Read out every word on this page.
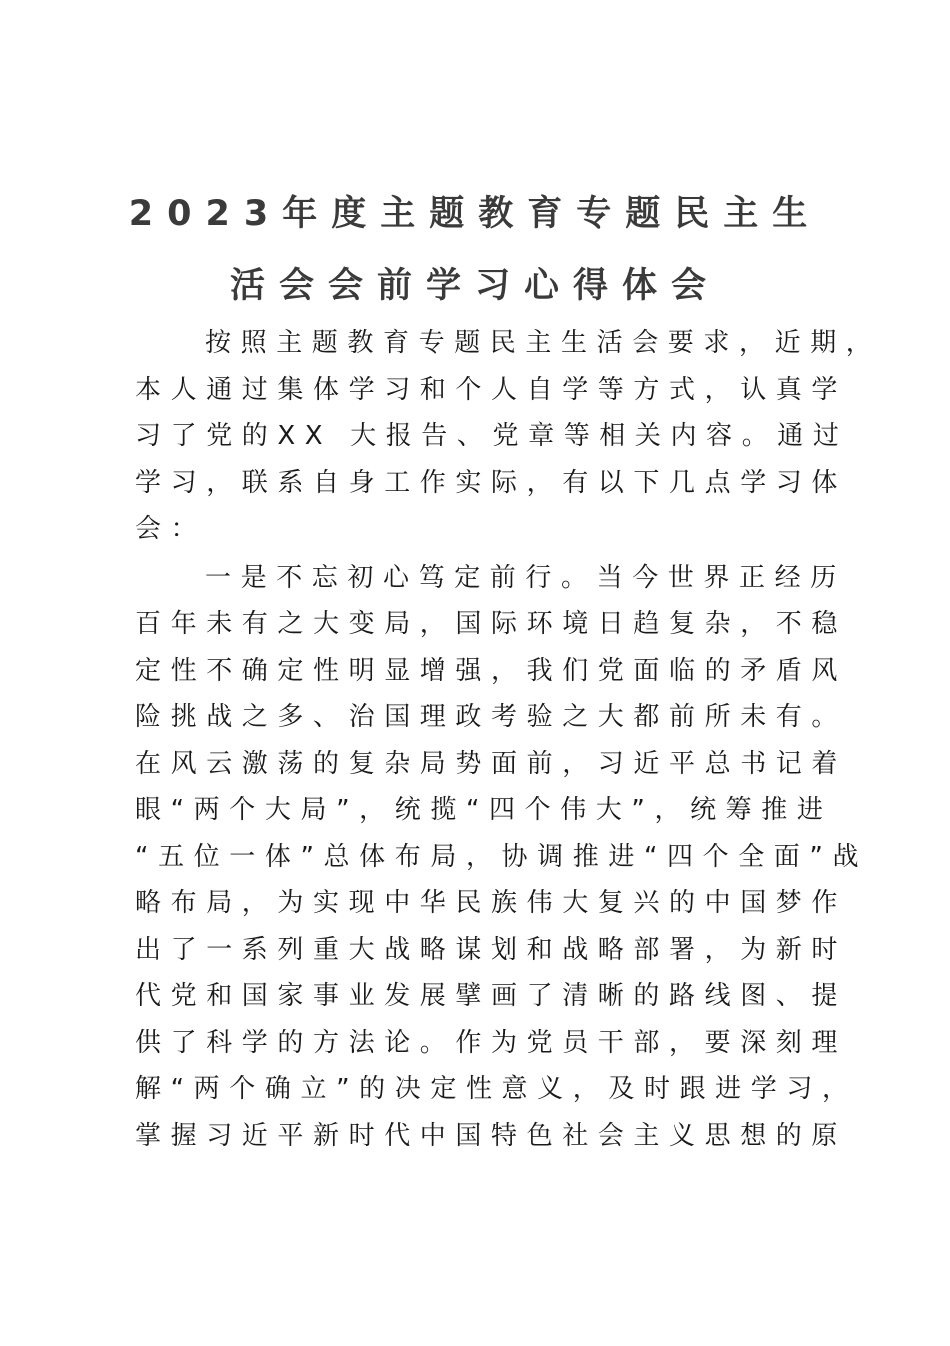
2023年度主题教育专题民主生
活会会前学习心得体会
按照主题教育专题民主生活会要求，近期，
本人通过集体学习和个人自学等方式，认真学
习了党的XX 大报告、党章等相关内容。通过
学习，联系自身工作实际，有以下几点学习体
会：
一是不忘初心笃定前行。当今世界正经历
百年未有之大变局，国际环境日趋复杂，不稳
定性不确定性明显增强，我们党面临的矛盾风
险挑战之多、治国理政考验之大都前所未有。
在风云激荡的复杂局势面前，习近平总书记着
眼“两个大局”，统揽“四个伟大”，统筹推进
“五位一体”总体布局，协调推进“四个全面”战
略布局，为实现中华民族伟大复兴的中国梦作
出了一系列重大战略谋划和战略部署，为新时
代党和国家事业发展擘画了清晰的路线图、提
供了科学的方法论。作为党员干部，要深刻理
解“两个确立”的决定性意义，及时跟进学习，
掌握习近平新时代中国特色社会主义思想的原
